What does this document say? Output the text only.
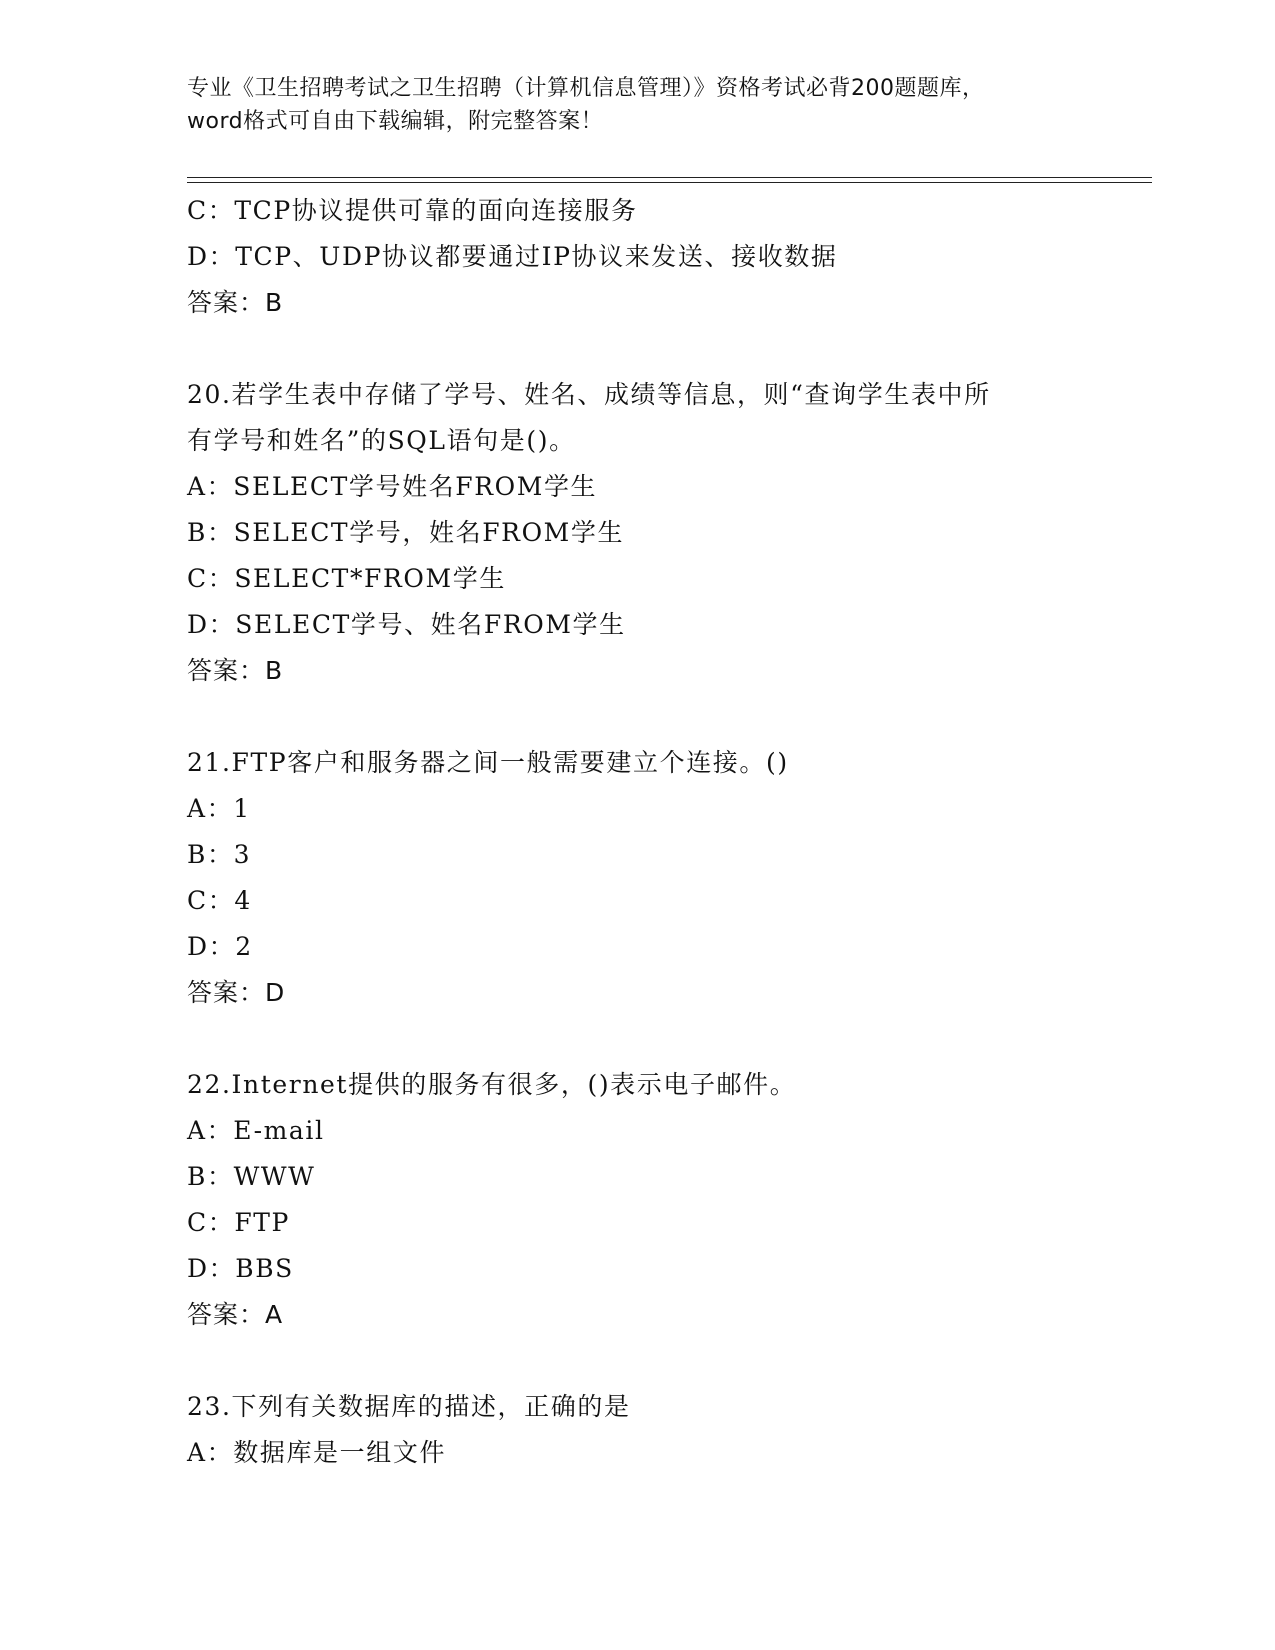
专业《卫生招聘考试之卫生招聘（计算机信息管理）》资格考试必背200题题库，
word格式可自由下载编辑，附完整答案！
C：TCP协议提供可靠的面向连接服务
D：TCP、UDP协议都要通过IP协议来发送、接收数据
答案：B
20.若学生表中存储了学号、姓名、成绩等信息，则“查询学生表中所
有学号和姓名”的SQL语句是()。
A：SELECT学号姓名FROM学生
B：SELECT学号，姓名FROM学生
C：SELECT*FROM学生
D：SELECT学号、姓名FROM学生
答案：B
21.FTP客户和服务器之间一般需要建立个连接。()
A：1
B：3
C：4
D：2
答案：D
22.Internet提供的服务有很多，()表示电子邮件。
A：E-mail
B：WWW
C：FTP
D：BBS
答案：A
23.下列有关数据库的描述，正确的是
A：数据库是一组文件
